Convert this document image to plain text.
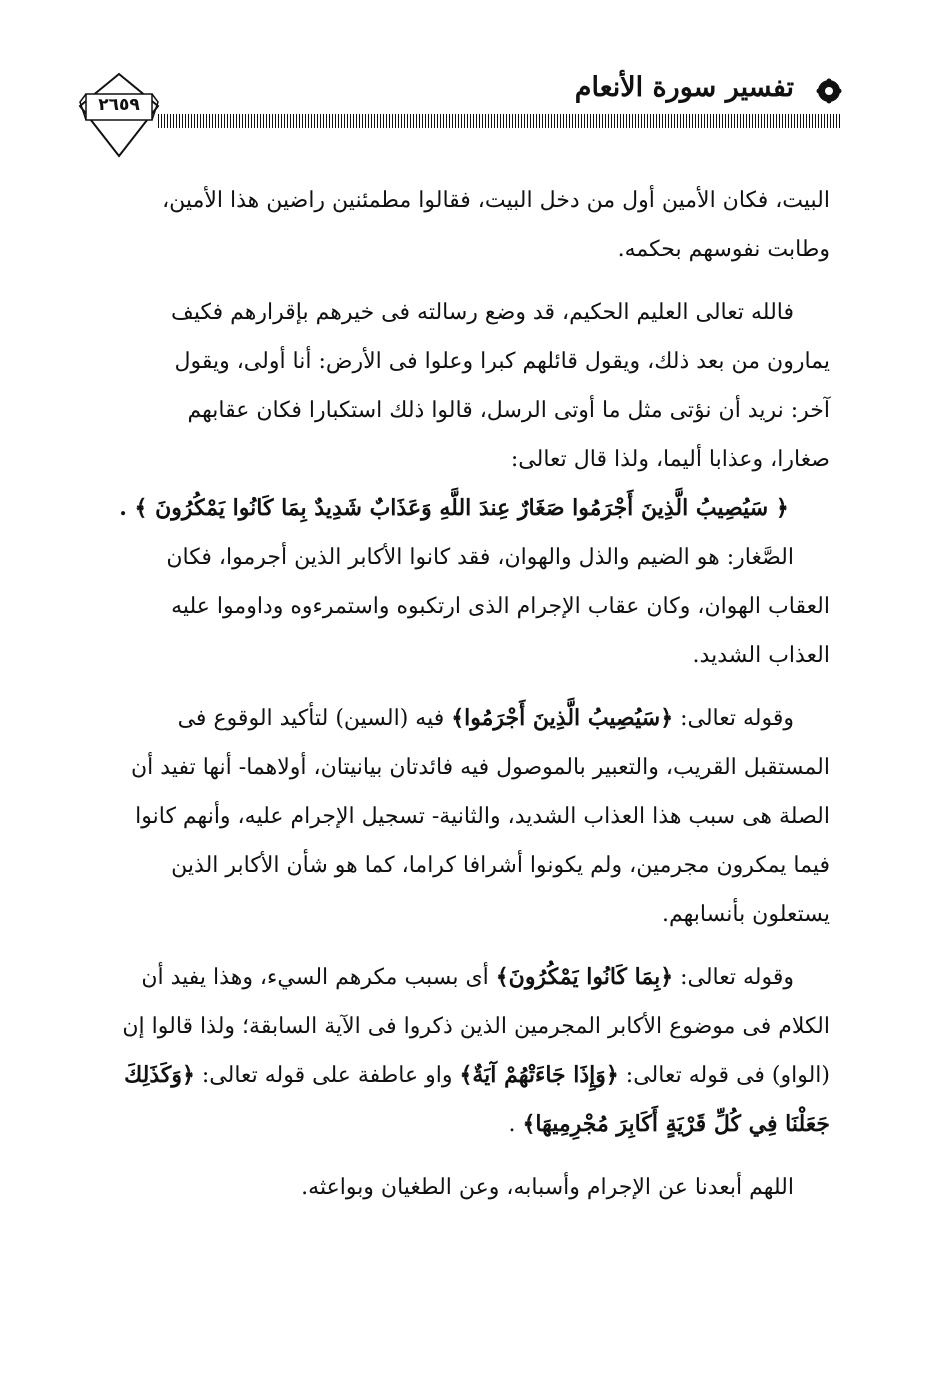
تفسير سورة الأنعام
٢٦٥٩

البيت، فكان الأمين أول من دخل البيت، فقالوا مطمئنين راضين هذا الأمين،
وطابت نفوسهم بحكمه.

فالله تعالى العليم الحكيم، قد وضع رسالته فى خيرهم بإقرارهم فكيف
يمارون من بعد ذلك، ويقول قائلهم كبرا وعلوا فى الأرض: أنا أولى، ويقول
آخر: نريد أن نؤتى مثل ما أوتى الرسل، قالوا ذلك استكبارا فكان عقابهم
صغارا، وعذابا أليما، ولذا قال تعالى:

﴿ سَيُصِيبُ الَّذِينَ أَجْرَمُوا صَغَارٌ عِندَ اللَّهِ وَعَذَابٌ شَدِيدٌ بِمَا كَانُوا يَمْكُرُونَ ﴾ .

الصَّغار: هو الضيم والذل والهوان، فقد كانوا الأكابر الذين أجرموا، فكان
العقاب الهوان، وكان عقاب الإجرام الذى ارتكبوه واستمرءوه وداوموا عليه
العذاب الشديد.

وقوله تعالى: ﴿سَيُصِيبُ الَّذِينَ أَجْرَمُوا﴾ فيه (السين) لتأكيد الوقوع فى
المستقبل القريب، والتعبير بالموصول فيه فائدتان بيانيتان، أولاهما- أنها تفيد أن
الصلة هى سبب هذا العذاب الشديد، والثانية- تسجيل الإجرام عليه، وأنهم كانوا
فيما يمكرون مجرمين، ولم يكونوا أشرافا كراما، كما هو شأن الأكابر الذين
يستعلون بأنسابهم.

وقوله تعالى: ﴿بِمَا كَانُوا يَمْكُرُونَ﴾ أى بسبب مكرهم السيء، وهذا يفيد أن
الكلام فى موضوع الأكابر المجرمين الذين ذكروا فى الآية السابقة؛ ولذا قالوا إن
(الواو) فى قوله تعالى: ﴿وَإِذَا جَاءَتْهُمْ آيَةٌ﴾ واو عاطفة على قوله تعالى: ﴿وَكَذَلِكَ
جَعَلْنَا فِي كُلِّ قَرْيَةٍ أَكَابِرَ مُجْرِمِيهَا﴾ .

اللهم أبعدنا عن الإجرام وأسبابه، وعن الطغيان وبواعثه.
